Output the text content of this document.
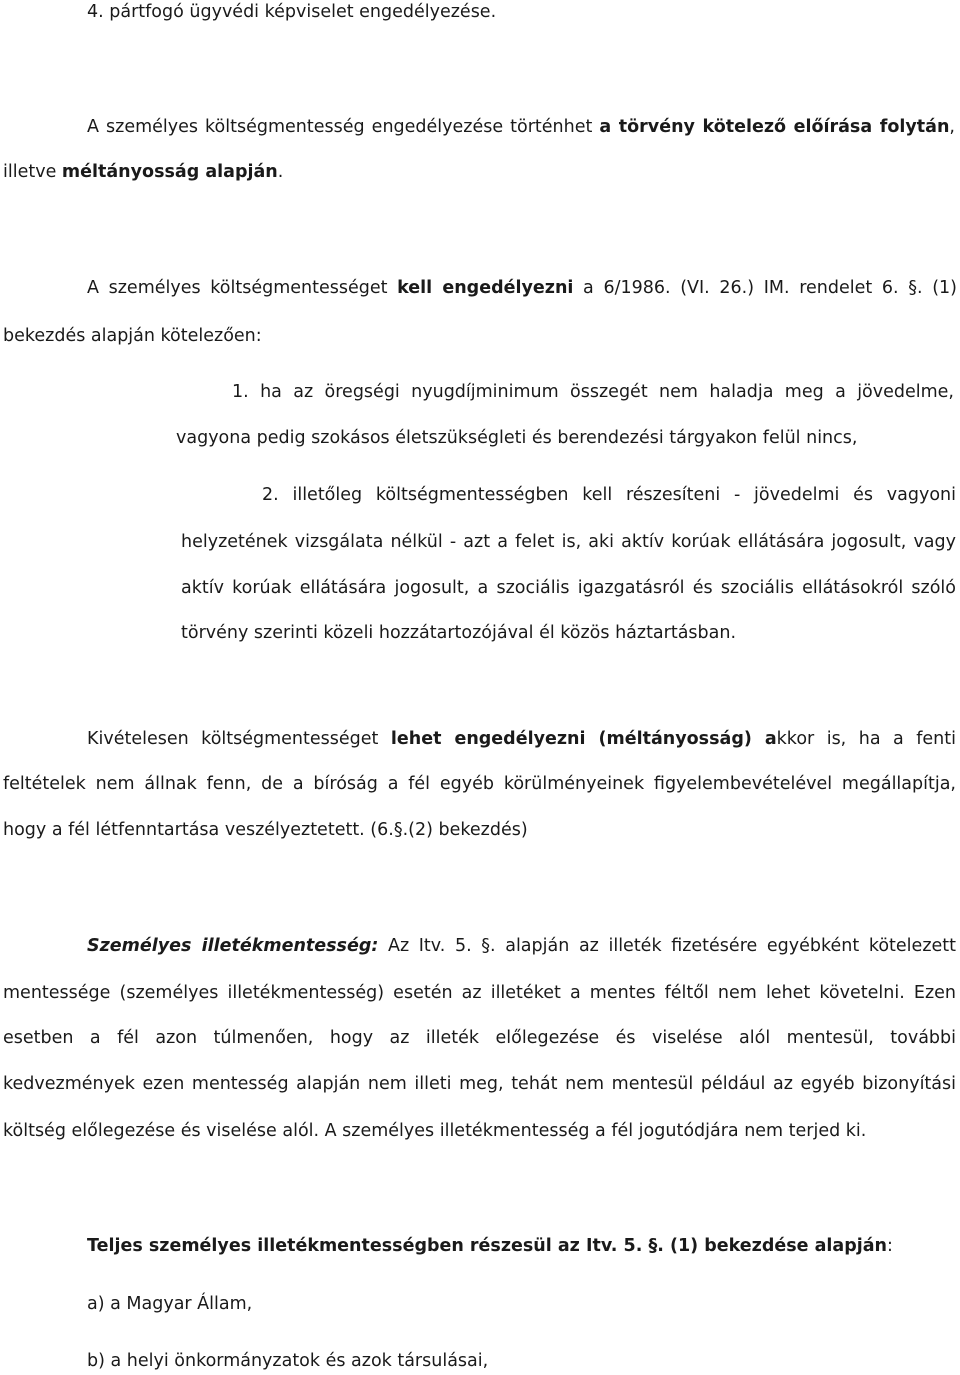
4. pártfogó ügyvédi képviselet engedélyezése.
A személyes költségmentesség engedélyezése történhet a törvény kötelező előírása folytán,
illetve méltányosság alapján.
A személyes költségmentességet kell engedélyezni a 6/1986. (VI. 26.) IM. rendelet 6. §. (1)
bekezdés alapján kötelezően:
1. ha az öregségi nyugdíjminimum összegét nem haladja meg a jövedelme,
vagyona pedig szokásos életszükségleti és berendezési tárgyakon felül nincs,
2. illetőleg költségmentességben kell részesíteni - jövedelmi és vagyoni
helyzetének vizsgálata nélkül - azt a felet is, aki aktív korúak ellátására jogosult, vagy
aktív korúak ellátására jogosult, a szociális igazgatásról és szociális ellátásokról szóló
törvény szerinti közeli hozzátartozójával él közös háztartásban.
Kivételesen költségmentességet lehet engedélyezni (méltányosság) akkor is, ha a fenti
feltételek nem állnak fenn, de a bíróság a fél egyéb körülményeinek figyelembevételével megállapítja,
hogy a fél létfenntartása veszélyeztetett. (6.§.(2) bekezdés)
Személyes illetékmentesség: Az Itv. 5. §. alapján az illeték fizetésére egyébként kötelezett
mentessége (személyes illetékmentesség) esetén az illetéket a mentes féltől nem lehet követelni. Ezen
esetben a fél azon túlmenően, hogy az illeték előlegezése és viselése alól mentesül, további
kedvezmények ezen mentesség alapján nem illeti meg, tehát nem mentesül például az egyéb bizonyítási
költség előlegezése és viselése alól. A személyes illetékmentesség a fél jogutódjára nem terjed ki.
Teljes személyes illetékmentességben részesül az Itv. 5. §. (1) bekezdése alapján:
a) a Magyar Állam,
b) a helyi önkormányzatok és azok társulásai,
